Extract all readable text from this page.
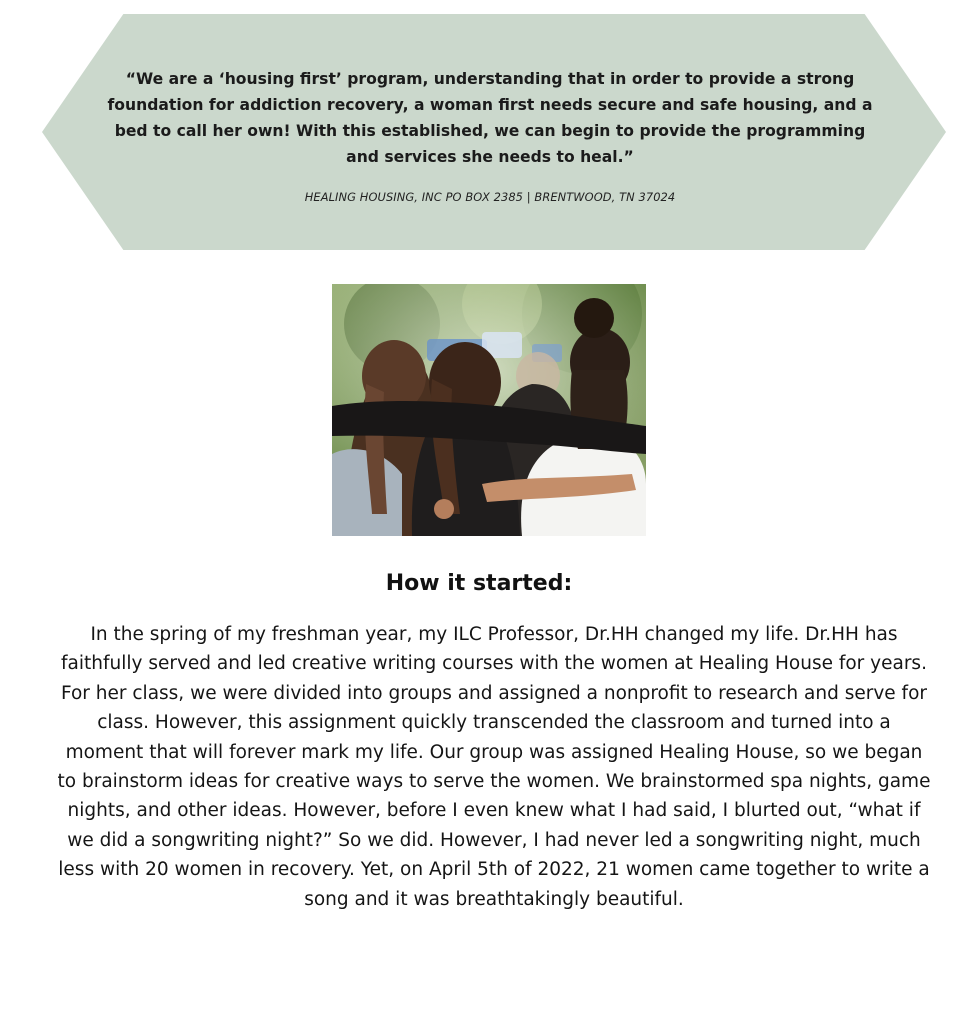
“We are a ‘housing first’ program, understanding that in order to provide a strong foundation for addiction recovery, a woman first needs secure and safe housing, and a bed to call her own! With this established, we can begin to provide the programming and services she needs to heal.”

HEALING HOUSING, INC PO BOX 2385 | BRENTWOOD, TN 37024

How it started:

In the spring of my freshman year, my ILC Professor, Dr.HH changed my life. Dr.HH has faithfully served and led creative writing courses with the women at Healing House for years. For her class, we were divided into groups and assigned a nonprofit to research and serve for class. However, this assignment quickly transcended the classroom and turned into a moment that will forever mark my life. Our group was assigned Healing House, so we began to brainstorm ideas for creative ways to serve the women. We brainstormed spa nights, game nights, and other ideas. However, before I even knew what I had said, I blurted out, “what if we did a songwriting night?” So we did. However, I had never led a songwriting night, much less with 20 women in recovery. Yet, on April 5th of 2022, 21 women came together to write a song and it was breathtakingly beautiful.
